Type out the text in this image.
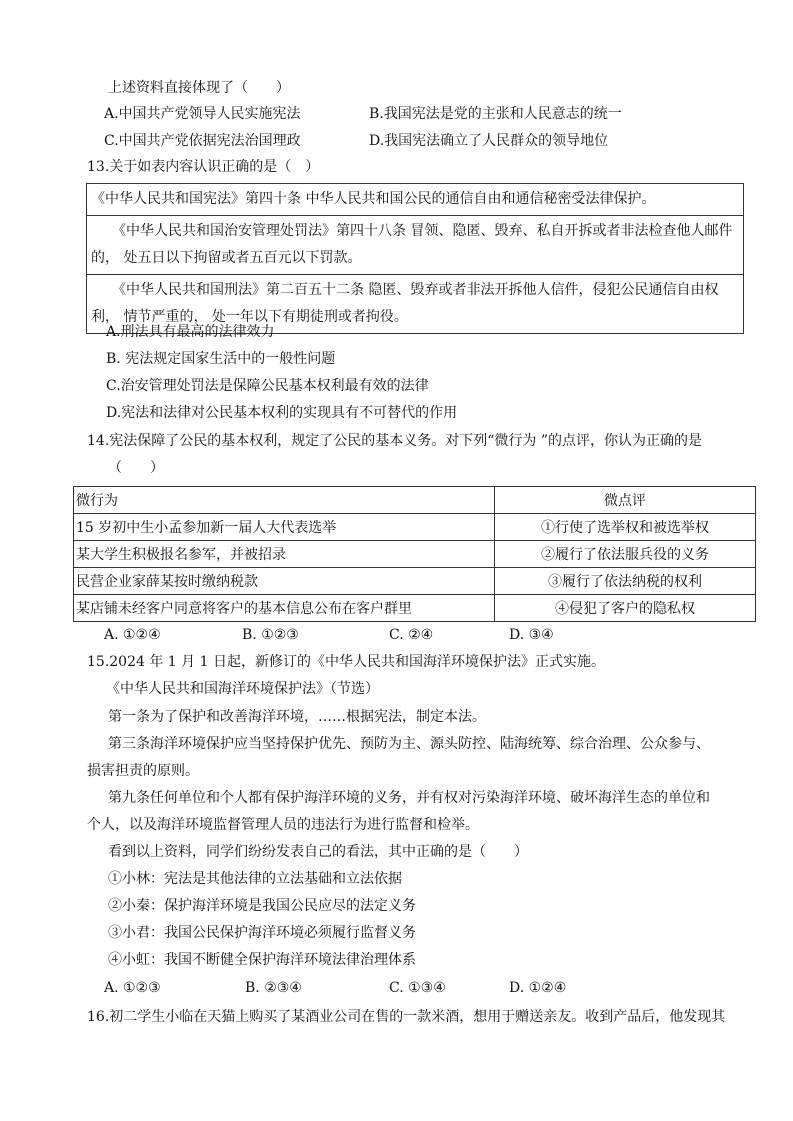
上述资料直接体现了（　　）
A.中国共产党领导人民实施宪法	B.我国宪法是党的主张和人民意志的统一
C.中国共产党依据宪法治国理政	D.我国宪法确立了人民群众的领导地位
13.关于如表内容认识正确的是（　）
《中华人民共和国宪法》第四十条 中华人民共和国公民的通信自由和通信秘密受法律保护。
　　《中华人民共和国治安管理处罚法》第四十八条 冒领、隐匿、毁弃、私自开拆或者非法检查他人邮件的， 处五日以下拘留或者五百元以下罚款。
　　《中华人民共和国刑法》第二百五十二条 隐匿、毁弃或者非法开拆他人信件，侵犯公民通信自由权利， 情节严重的， 处一年以下有期徒刑或者拘役。
A.刑法具有最高的法律效力
B. 宪法规定国家生活中的一般性问题
C.治安管理处罚法是保障公民基本权利最有效的法律
D.宪法和法律对公民基本权利的实现具有不可替代的作用
14.宪法保障了公民的基本权利，规定了公民的基本义务。对下列“微行为 ”的点评，你认为正确的是
（　　）
微行为	微点评
15 岁初中生小孟参加新一届人大代表选举	①行使了选举权和被选举权
某大学生积极报名参军，并被招录	②履行了依法服兵役的义务
民营企业家薛某按时缴纳税款	③履行了依法纳税的权利
某店铺未经客户同意将客户的基本信息公布在客户群里	④侵犯了客户的隐私权
A. ①②④	B. ①②③	C. ②④	D. ③④
15.2024 年 1 月 1 日起，新修订的《中华人民共和国海洋环境保护法》正式实施。
《中华人民共和国海洋环境保护法》（节选）
第一条为了保护和改善海洋环境，……根据宪法，制定本法。
第三条海洋环境保护应当坚持保护优先、预防为主、源头防控、陆海统筹、综合治理、公众参与、
损害担责的原则。
第九条任何单位和个人都有保护海洋环境的义务，并有权对污染海洋环境、破坏海洋生态的单位和
个人，以及海洋环境监督管理人员的违法行为进行监督和检举。
看到以上资料，同学们纷纷发表自己的看法，其中正确的是（　　）
①小林：宪法是其他法律的立法基础和立法依据
②小秦：保护海洋环境是我国公民应尽的法定义务
③小君：我国公民保护海洋环境必须履行监督义务
④小虹：我国不断健全保护海洋环境法律治理体系
A. ①②③	B. ②③④	C. ①③④	D. ①②④
16.初二学生小临在天猫上购买了某酒业公司在售的一款米酒，想用于赠送亲友。收到产品后，他发现其
